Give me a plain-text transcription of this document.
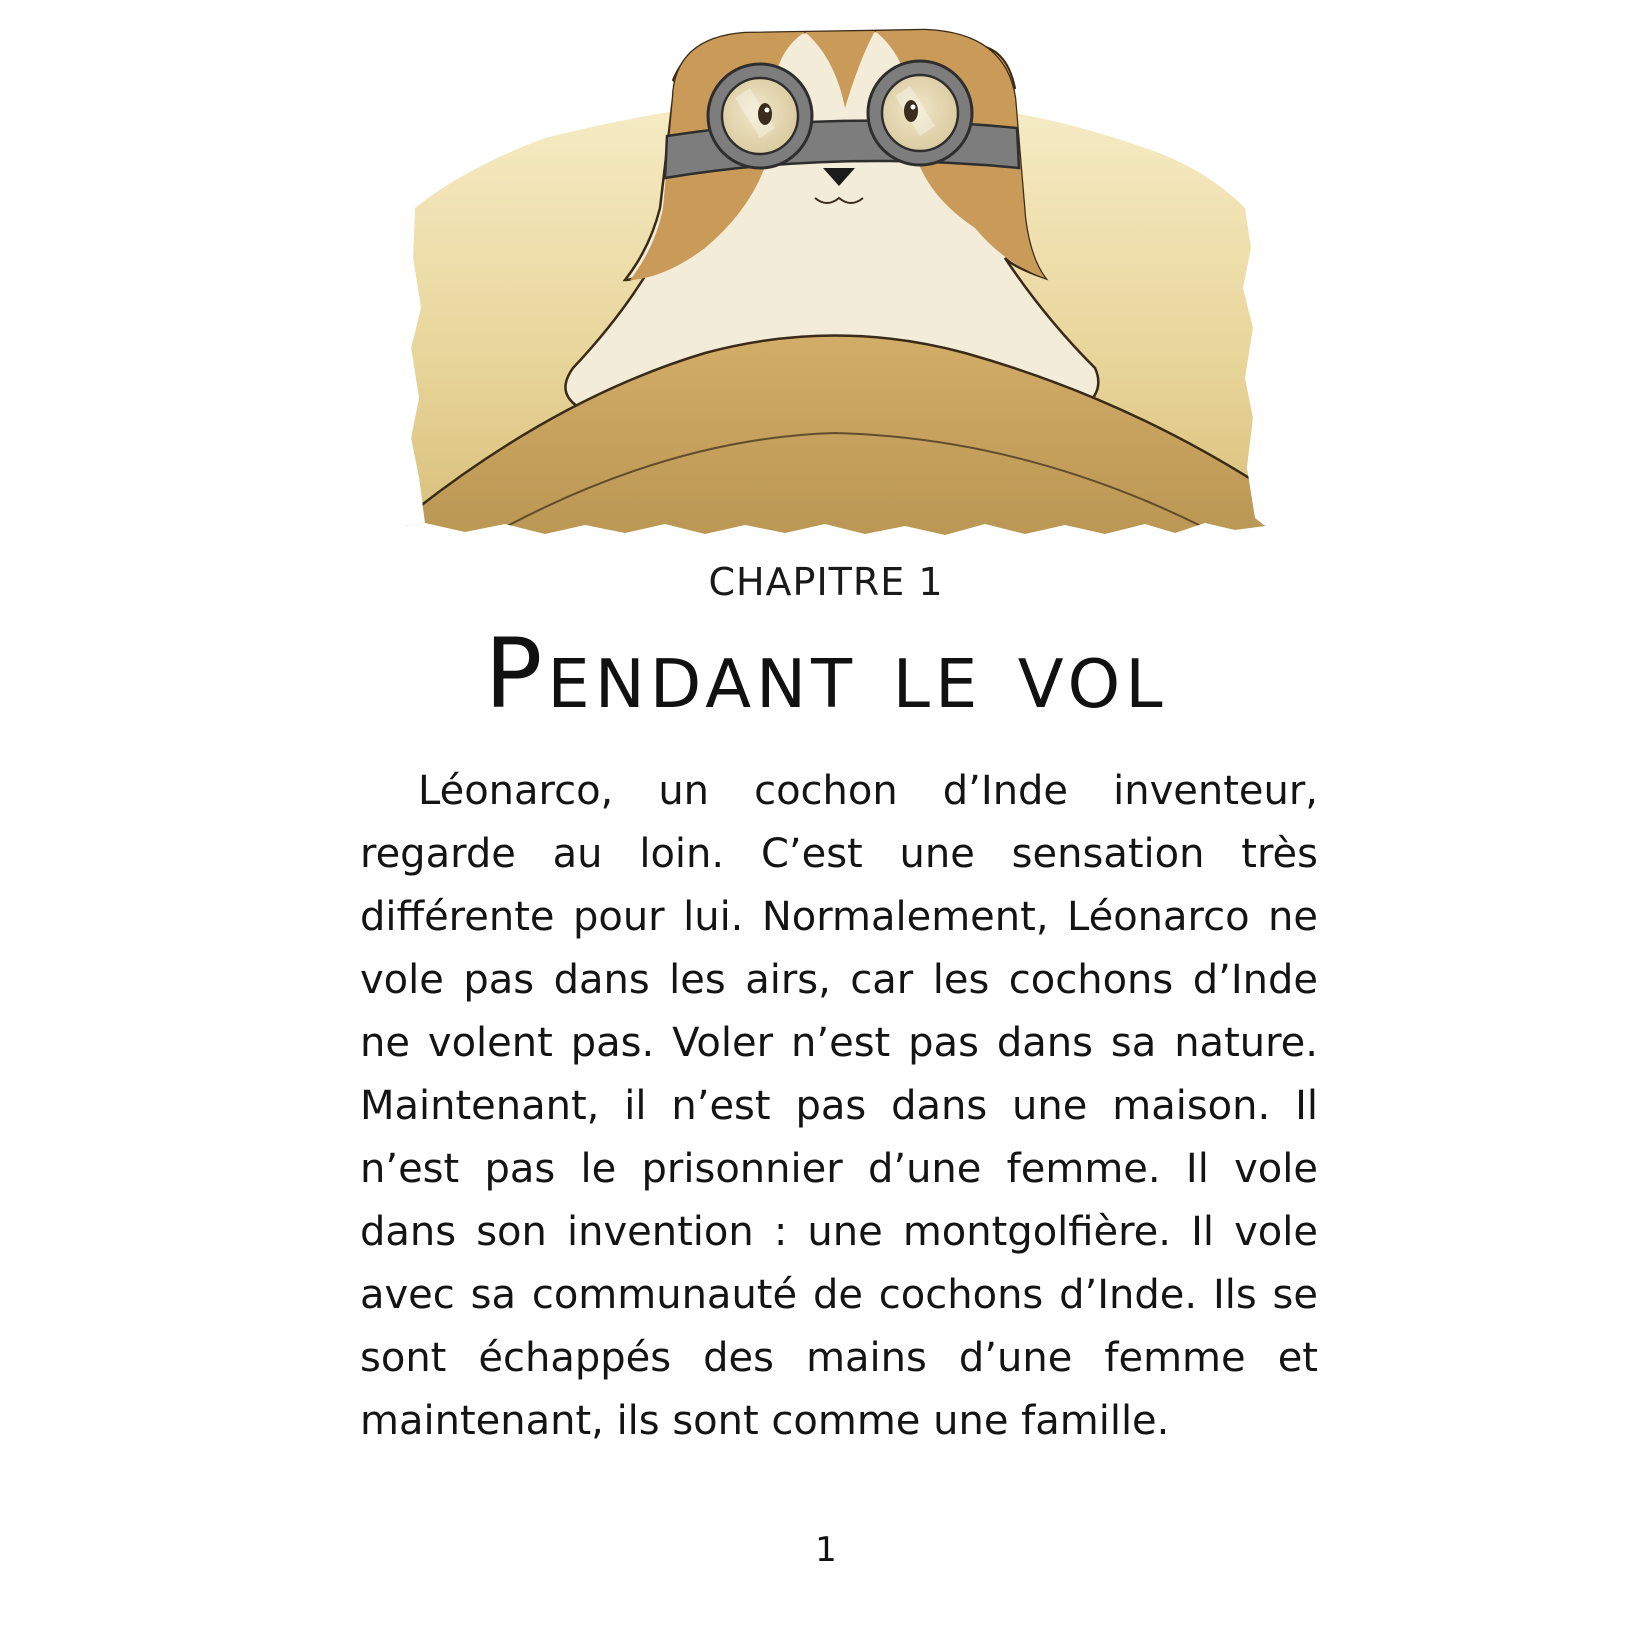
CHAPITRE 1
Pendant le vol

Léonarco, un cochon d’Inde inventeur, regarde au loin. C’est une sensation très différente pour lui. Normalement, Léonarco ne vole pas dans les airs, car les cochons d’Inde ne volent pas. Voler n’est pas dans sa nature. Maintenant, il n’est pas dans une maison. Il n’est pas le prisonnier d’une femme. Il vole dans son invention : une montgolfière. Il vole avec sa communauté de cochons d’Inde. Ils se sont échappés des mains d’une femme et maintenant, ils sont comme une famille.

1
